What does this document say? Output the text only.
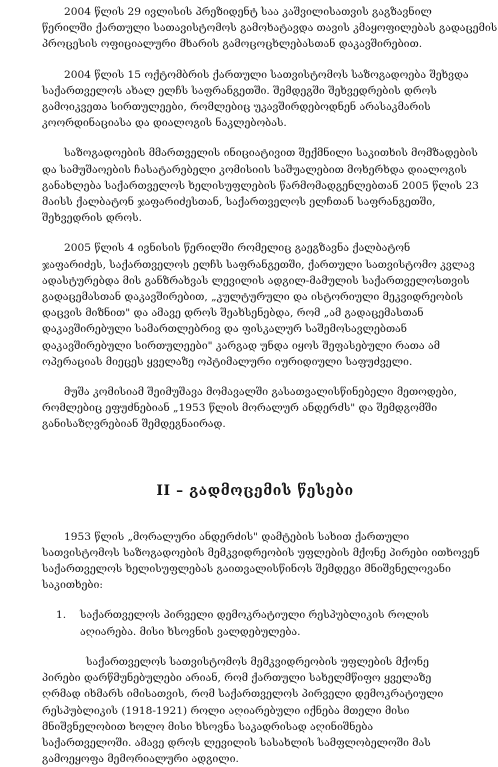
2004 წლის 29 ივლისის პრეზიდენტ საა კაშვილისათვის გაგზავნილ
წერილში ქართული სათავისტომოს გამოხატავდა თავის კმაყოფილებას გადაცემის
პროცესის ოფიციალური მხარის გამოცოცხლებასთან დაკავშირებით.
2004 წლის 15 ოქტომბრის ქართული სათვისტომოს საზოგადოება შეხვდა
საქართველოს ახალ ელჩს საფრანგეთში. შემდეგში შეხვედრების დროს
გამოიკვეთა სირთულეები, რომლებიც უკავშირდებოდნენ არასაკმარის
კოორდინაციასა და დიალოგის ნაკლებობას.
საზოგადოების მმართველის ინიციატივით შექმნილი საკითხის მომზადების
და სამუშაოების ჩასატარებელი კომისიის საშუალებით მოხერხდა დიალოგის
განახლება საქართველოს ხელისუფლების წარმომადგენლებთან 2005 წლის 23
მაისს ქალბატონ ჯაფარიძესთან, საქართველოს ელჩთან საფრანგეთში,
შეხვედრის დროს.
2005 წლის 4 ივნისის წერილში რომელიც გაეგზავნა ქალბატონ
ჯაფარიძეს, საქართველოს ელჩს საფრანგეთში, ქართული სათვისტომო კვლავ
ადასტურებდა მის განზრახვას ლევილის ადგილ-მამულის საქართველოსთვის
გადაცემასთან დაკავშირებით, „კულტურული და ისტორიული მეკვიდრეობის
დაცვის მიზნით" და ამავე დროს შეახსენებდა, რომ „ამ გადაცემასთან
დაკავშირებული სამართლებრივ და ფისკალურ საშემოსავლებთან
დაკავშირებული სირთულეები" კარგად უნდა იყოს შეფასებული რათა ამ
ოპერაციას მიეცეს ყველაზე ოპტიმალური იურიდიული საფუძველი.
მუშა კომისიამ შეიმუშავა მომავალში გასათვალისწინებელი მეთოდები,
რომლებიც ეფუძნებიან „1953 წლის მორალურ ანდერძს" და შემდგომში
განისაზღვრებიან შემდეგნაირად.
II – გადმოცემის წესები
1953 წლის „მორალური ანდერძის" დამტების სახით ქართული
სათვისტომოს საზოგადოების მემკვიდრეობის უფლების მქონე პირები ითხოვენ
საქართველოს ხელისუფლებას გაითვალისწინოს შემდეგი მნიშვნელოვანი
საკითხები:
1.	საქართველოს პირველი დემოკრატიული რესპუბლიკის როლის
აღიარება. მისი ხსოვნის ვალდებულება.
საქართველოს სათვისტომოს მემკვიდრეობის უფლების მქონე
პირები დარწმუნებულები არიან, რომ ქართული სახელმწიფო ყველაზე
ღრმად იხმარს იმისათვის, რომ საქართველოს პირველი დემოკრატიული
რესპუბლიკის (1918-1921) როლი აღიარებული იქნება მთელი მისი
მნიშვნელობით ხოლო მისი ხსოვნა საკადრისად აღინიშნება
საქართველოში. ამავე დროს ლევილის სასახლის სამფლობელოში მას
გამოეყოფა მემორიალური ადგილი.
